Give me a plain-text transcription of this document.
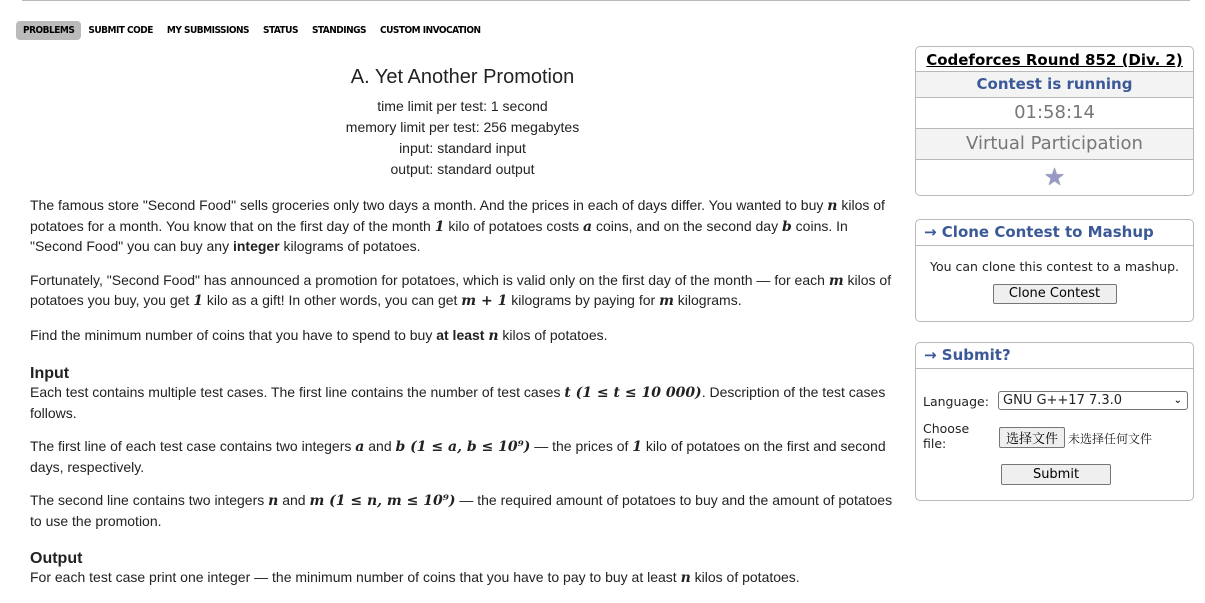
PROBLEMS	SUBMIT CODE	MY SUBMISSIONS	STATUS	STANDINGS	CUSTOM INVOCATION
A. Yet Another Promotion
time limit per test: 1 second
memory limit per test: 256 megabytes
input: standard input
output: standard output

The famous store "Second Food" sells groceries only two days a month. And the prices in each of days differ. You wanted to buy n kilos of potatoes for a month. You know that on the first day of the month 1 kilo of potatoes costs a coins, and on the second day b coins. In "Second Food" you can buy any integer kilograms of potatoes.

Fortunately, "Second Food" has announced a promotion for potatoes, which is valid only on the first day of the month — for each m kilos of potatoes you buy, you get 1 kilo as a gift! In other words, you can get m + 1 kilograms by paying for m kilograms.

Find the minimum number of coins that you have to spend to buy at least n kilos of potatoes.

Input

Each test contains multiple test cases. The first line contains the number of test cases t (1 ≤ t ≤ 10 000). Description of the test cases follows.

The first line of each test case contains two integers a and b (1 ≤ a, b ≤ 10⁹) — the prices of 1 kilo of potatoes on the first and second days, respectively.

The second line contains two integers n and m (1 ≤ n, m ≤ 10⁹) — the required amount of potatoes to buy and the amount of potatoes to use the promotion.

Output

For each test case print one integer — the minimum number of coins that you have to pay to buy at least n kilos of potatoes.

Codeforces Round 852 (Div. 2)
Contest is running
01:58:14
Virtual Participation
★
→ Clone Contest to Mashup
You can clone this contest to a mashup.
Clone Contest
→ Submit?
Language:	GNU G++17 7.3.0	⌄
Choose file:	选择文件 未选择任何文件
Submit
